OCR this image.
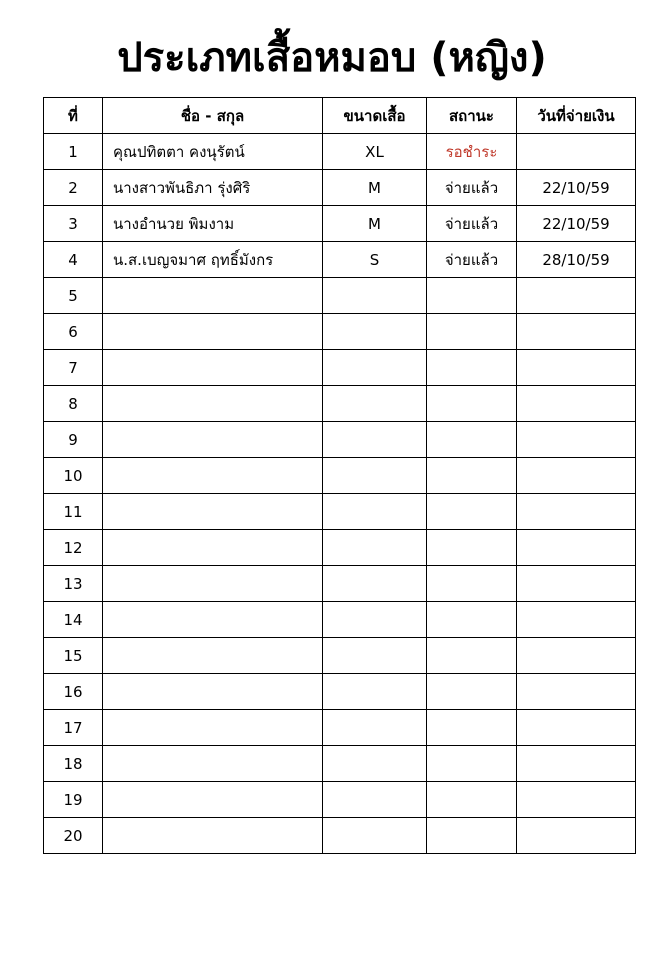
ประเภทเสื้อหมอบ (หญิง)
ที่	ชื่อ - สกุล	ขนาดเสื้อ	สถานะ	วันที่จ่ายเงิน
1	คุณปทิตตา คงนุรัตน์	XL	รอชำระ	
2	นางสาวพันธิภา รุ่งศิริ	M	จ่ายแล้ว	22/10/59
3	นางอำนวย พิมงาม	M	จ่ายแล้ว	22/10/59
4	น.ส.เบญจมาศ ฤทธิ์มังกร	S	จ่ายแล้ว	28/10/59
5				
6				
7				
8				
9				
10				
11				
12				
13				
14				
15				
16				
17				
18				
19				
20				
